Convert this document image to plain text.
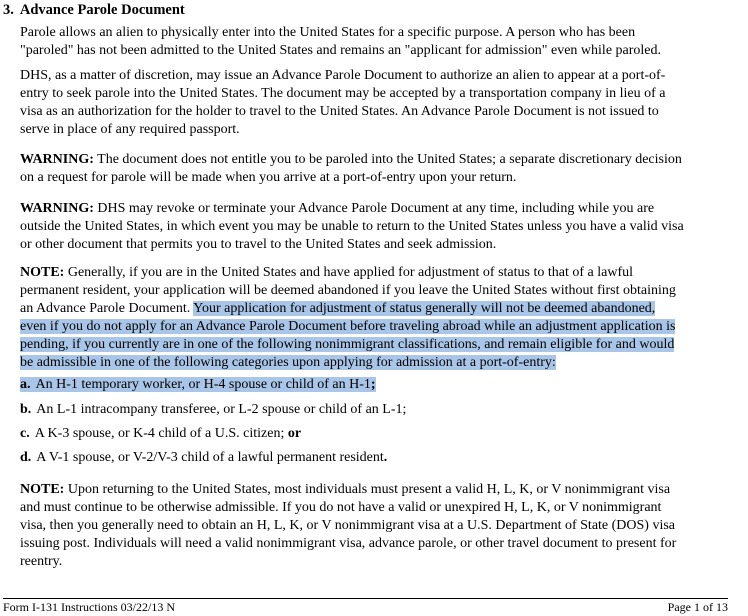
3. Advance Parole Document
Parole allows an alien to physically enter into the United States for a specific purpose. A person who has been
"paroled" has not been admitted to the United States and remains an "applicant for admission" even while paroled.
DHS, as a matter of discretion, may issue an Advance Parole Document to authorize an alien to appear at a port-of-
entry to seek parole into the United States. The document may be accepted by a transportation company in lieu of a
visa as an authorization for the holder to travel to the United States. An Advance Parole Document is not issued to
serve in place of any required passport.
WARNING: The document does not entitle you to be paroled into the United States; a separate discretionary decision
on a request for parole will be made when you arrive at a port-of-entry upon your return.
WARNING: DHS may revoke or terminate your Advance Parole Document at any time, including while you are
outside the United States, in which event you may be unable to return to the United States unless you have a valid visa
or other document that permits you to travel to the United States and seek admission.
NOTE: Generally, if you are in the United States and have applied for adjustment of status to that of a lawful
permanent resident, your application will be deemed abandoned if you leave the United States without first obtaining
an Advance Parole Document. Your application for adjustment of status generally will not be deemed abandoned,
even if you do not apply for an Advance Parole Document before traveling abroad while an adjustment application is
pending, if you currently are in one of the following nonimmigrant classifications, and remain eligible for and would
be admissible in one of the following categories upon applying for admission at a port-of-entry:
a. An H-1 temporary worker, or H-4 spouse or child of an H-1;
b. An L-1 intracompany transferee, or L-2 spouse or child of an L-1;
c. A K-3 spouse, or K-4 child of a U.S. citizen; or
d. A V-1 spouse, or V-2/V-3 child of a lawful permanent resident.
NOTE: Upon returning to the United States, most individuals must present a valid H, L, K, or V nonimmigrant visa
and must continue to be otherwise admissible. If you do not have a valid or unexpired H, L, K, or V nonimmigrant
visa, then you generally need to obtain an H, L, K, or V nonimmigrant visa at a U.S. Department of State (DOS) visa
issuing post. Individuals will need a valid nonimmigrant visa, advance parole, or other travel document to present for
reentry.
Form I-131 Instructions 03/22/13 N	Page 1 of 13
